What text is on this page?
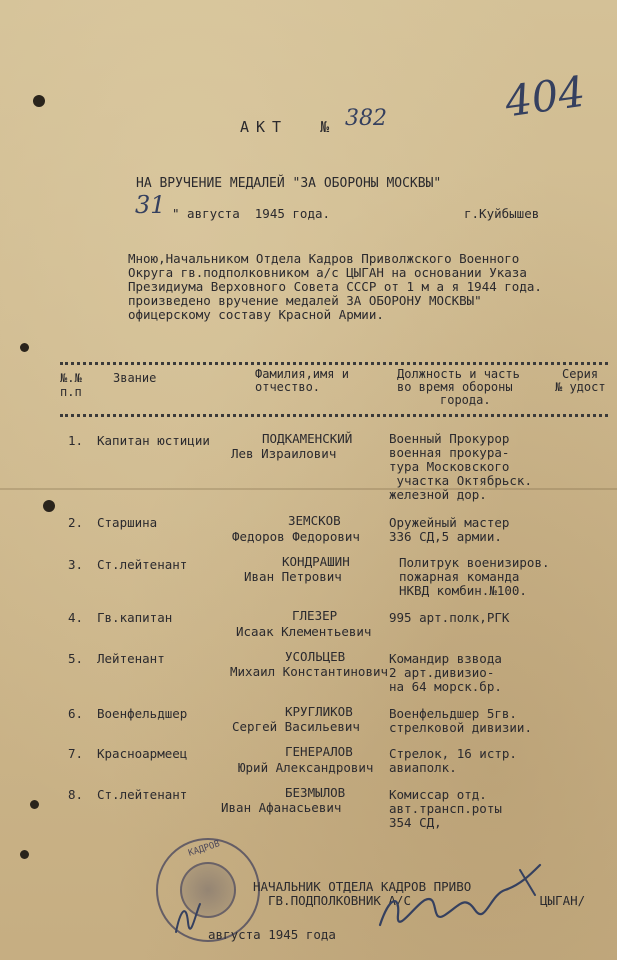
АКТ  № 382	404
НА ВРУЧЕНИЕ МЕДАЛЕЙ "ЗА ОБОРОНЫ МОСКВЫ"
31 " августа  1945 года.	г.Куйбышев
Мною,Начальником Отдела Кадров Приволжского Военного
Округа гв.подполковником а/с ЦЫГАН на основании Указа
Президиума Верховного Совета СССР от 1 м а я 1944 года.
произведено вручение медалей ЗА ОБОРОНУ МОСКВЫ"
офицерскому составу Красной Армии.
№.№
п.п
Звание	Фамилия,имя и
отчество.
Должность и часть
во время обороны
города.
Серия
№ удост
1. Капитан юстиции	ПОДКАМЕНСКИЙ
Лев Израилович
Военный Прокурор
военная прокура-
тура Московского
участка Октябрьск.
железной дор.
2. Старшина	ЗЕМСКОВ
Федоров Федорович
Оружейный мастер
336 СД,5 армии.
3. Ст.лейтенант	КОНДРАШИН
Иван Петрович
Политрук военизиров.
пожарная команда
НКВД комбин.№100.
4. Гв.капитан	ГЛЕЗЕР
Исаак Клементьевич
995 арт.полк,РГК
5. Лейтенант	УСОЛЬЦЕВ
Михаил Константинович
Командир взвода
2 арт.дивизио-
на 64 морск.бр.
6. Военфельдшер	КРУГЛИКОВ
Сергей Васильевич
Военфельдшер 5гв.
стрелковой дивизии.
7. Красноармеец	ГЕНЕРАЛОВ
Юрий Александрович
Стрелок, 16 истр.
авиаполк.
8. Ст.лейтенант	БЕЗМЫЛОВ
Иван Афанасьевич
Комиссар отд.
авт.трансп.роты
354 СД,
КАДРОВ
НАЧАЛЬНИК ОТДЕЛА КАДРОВ ПРИВО
ГВ.ПОДПОЛКОВНИК А/С	ЦЫГАН/
августа 1945 года
